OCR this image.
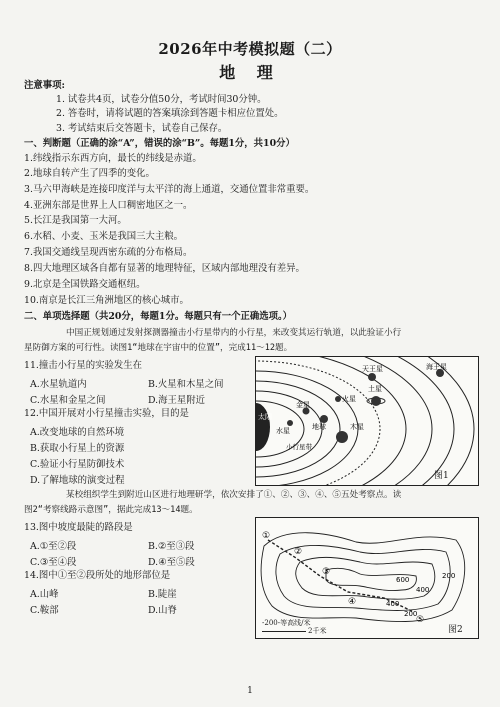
2026年中考模拟题（二）
地 理
注意事项:
1. 试卷共4页，试卷分值50分，考试时间30分钟。
2. 答卷时，请将试题的答案填涂到答题卡相应位置处。
3. 考试结束后交答题卡，试卷自己保存。
一、判断题（正确的涂“A”，错误的涂“B”。每题1分，共10分）
1.纬线指示东西方向，最长的纬线是赤道。
2.地球自转产生了四季的变化。
3.马六甲海峡是连接印度洋与太平洋的海上通道，交通位置非常重要。
4.亚洲东部是世界上人口稠密地区之一。
5.长江是我国第一大河。
6.水稻、小麦、玉米是我国三大主粮。
7.我国交通线呈现西密东疏的分布格局。
8.四大地理区域各自都有显著的地理特征，区域内部地理没有差异。
9.北京是全国铁路交通枢纽。
10.南京是长江三角洲地区的核心城市。
二、单项选择题（共20分，每题1分。每题只有一个正确选项。）
中国正规划通过发射探测器撞击小行星带内的小行星，来改变其运行轨道，以此验证小行
星防御方案的可行性。读图1“地球在宇宙中的位置”，完成11～12题。
11.撞击小行星的实验发生在
A.水星轨道内	B.火星和木星之间
C.水星和金星之间	D.海王星附近
12.中国开展对小行星撞击实验，目的是
A.改变地球的自然环境
B.获取小行星上的资源
C.验证小行星防御技术
D.了解地球的演变过程
太阳
水星
金星
地球
火星
木星
土星
天王星	海王星
小行星带
图1
某校组织学生到附近山区进行地理研学，依次安排了①、②、③、④、⑤五处考察点。读
图2“考察线路示意图”，据此完成13～14题。
13.图中坡度最陡的路段是
A.①至②段	B.②至③段
C.③至④段	D.④至⑤段
14.图中①至②段所处的地形部位是
A.山峰	B.陡崖
C.鞍部	D.山脊
①
②
③
④
⑤
200
400
600
400
200
-200-等高线/米
2千米	图2
1
